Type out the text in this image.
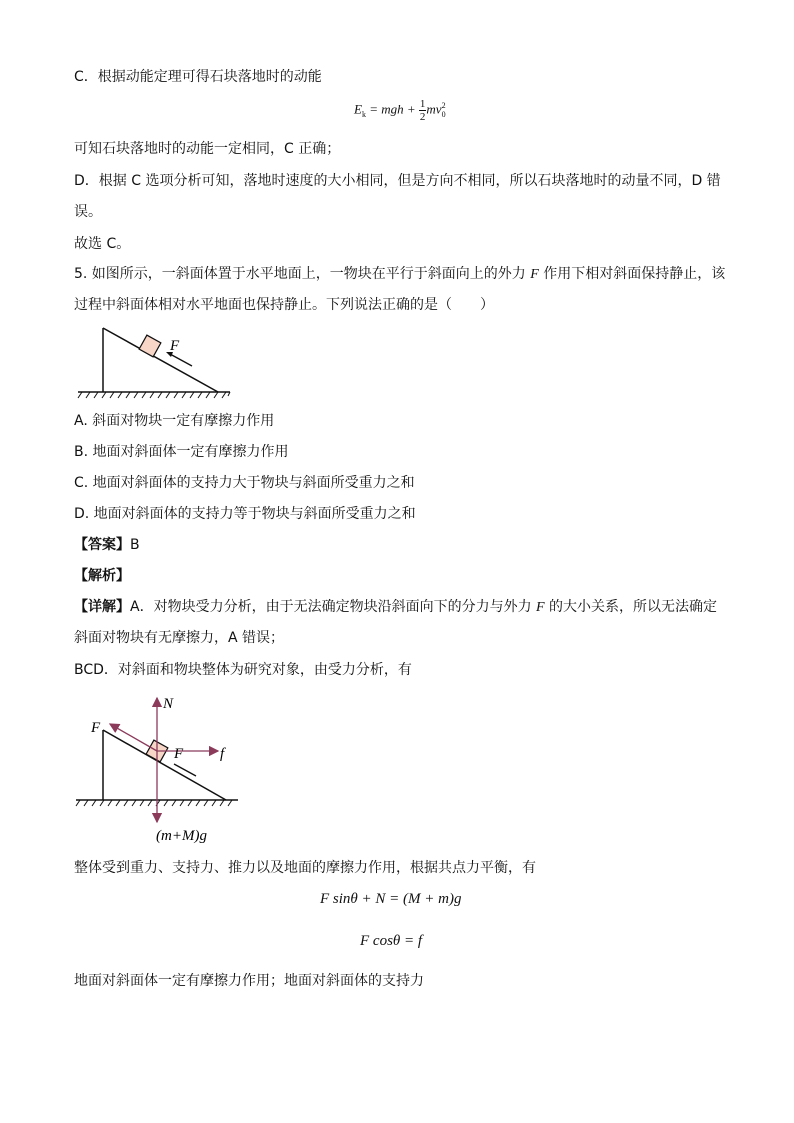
C．根据动能定理可得石块落地时的动能
$E_k$ = mgh + $\frac{1}{2} mv^2_0$
可知石块落地时的动能一定相同，C 正确；
D．根据 C 选项分析可知，落地时速度的大小相同，但是方向不相同，所以石块落地时的动量不同，D 错
误。
故选 C。
5. 如图所示，一斜面体置于水平地面上，一物块在平行于斜面向上的外力 F 作用下相对斜面保持静止，该
过程中斜面体相对水平地面也保持静止。下列说法正确的是（　　）
F
A. 斜面对物块一定有摩擦力作用
B. 地面对斜面体一定有摩擦力作用
C. 地面对斜面体的支持力大于物块与斜面所受重力之和
D. 地面对斜面体的支持力等于物块与斜面所受重力之和
【答案】B
【解析】
【详解】A．对物块受力分析，由于无法确定物块沿斜面向下的分力与外力 F 的大小关系，所以无法确定
斜面对物块有无摩擦力，A 错误；
BCD．对斜面和物块整体为研究对象，由受力分析，有
N
F
F f
(m+M)g
整体受到重力、支持力、推力以及地面的摩擦力作用，根据共点力平衡，有
F sinθ + N = (M + m)g
F cosθ = f
地面对斜面体一定有摩擦力作用；地面对斜面体的支持力
